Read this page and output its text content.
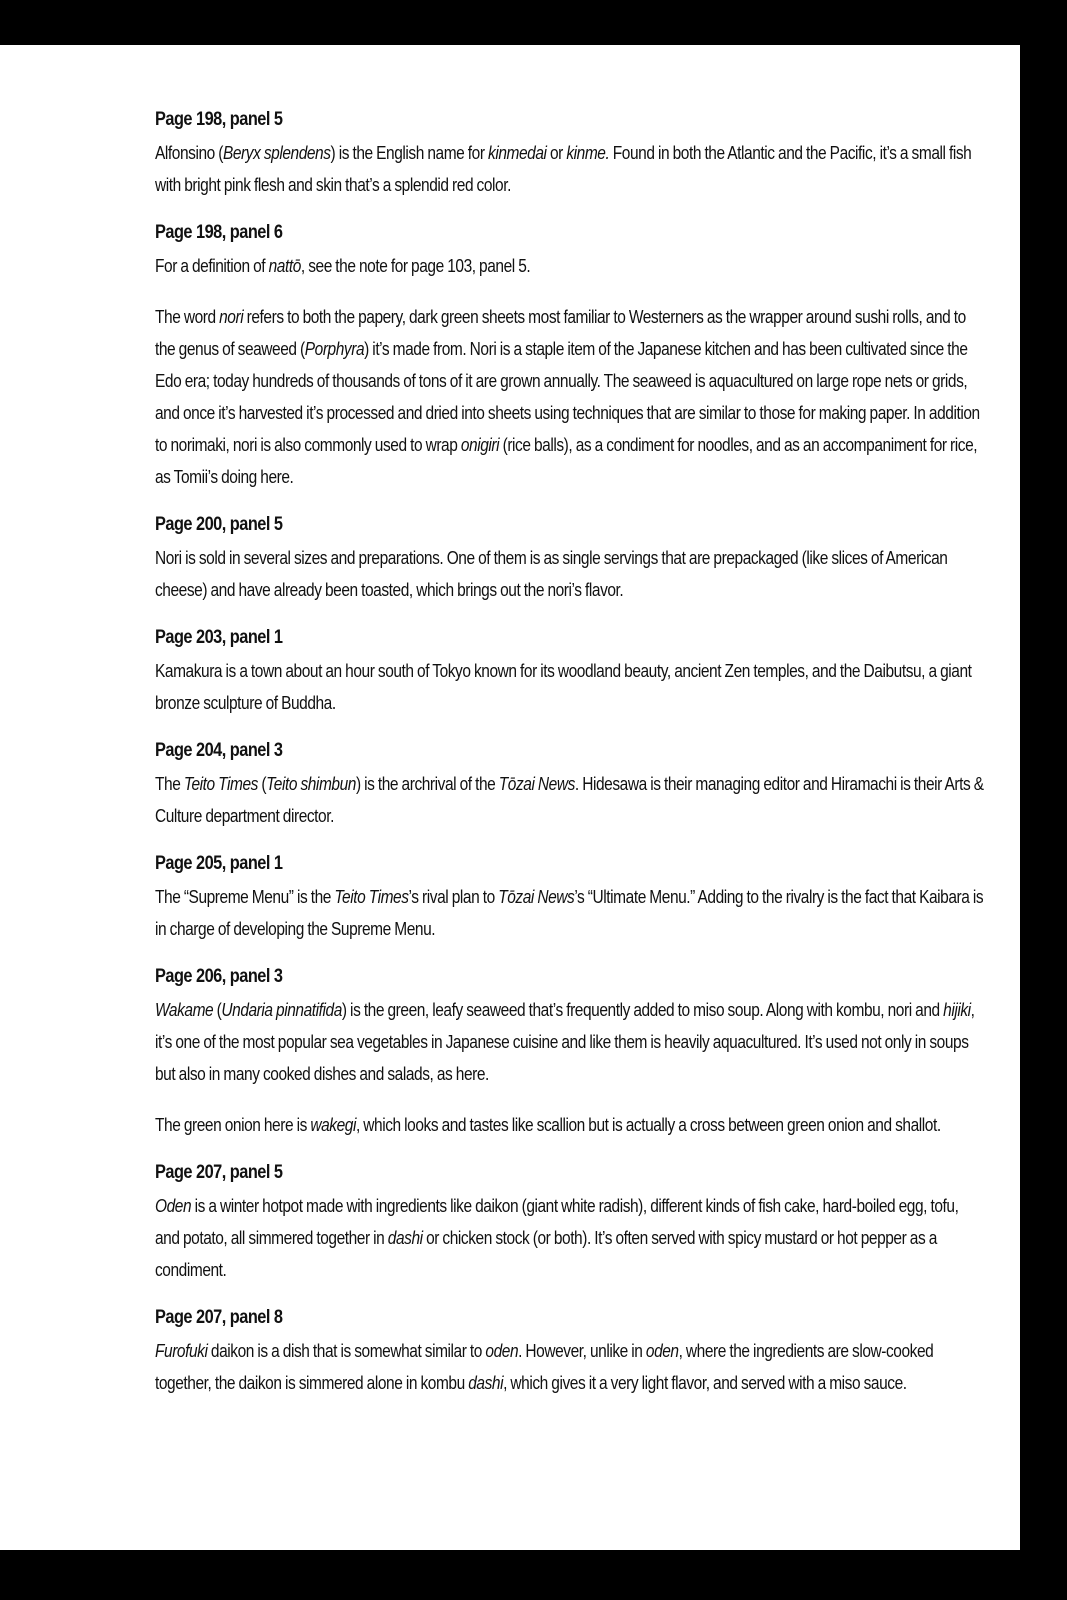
Page 198, panel 5

Alfonsino (Beryx splendens) is the English name for kinmedai or kinme. Found in both the Atlantic and the Pacific, it’s a small fish with bright pink flesh and skin that’s a splendid red color.

Page 198, panel 6

For a definition of nattō, see the note for page 103, panel 5.

The word nori refers to both the papery, dark green sheets most familiar to Westerners as the wrapper around sushi rolls, and to the genus of seaweed (Porphyra) it’s made from. Nori is a staple item of the Japanese kitchen and has been cultivated since the Edo era; today hundreds of thousands of tons of it are grown annually. The seaweed is aquacultured on large rope nets or grids, and once it’s harvested it’s processed and dried into sheets using techniques that are similar to those for making paper. In addition to norimaki, nori is also commonly used to wrap onigiri (rice balls), as a condiment for noodles, and as an accompaniment for rice, as Tomii’s doing here.

Page 200, panel 5

Nori is sold in several sizes and preparations. One of them is as single servings that are prepackaged (like slices of American cheese) and have already been toasted, which brings out the nori’s flavor.

Page 203, panel 1

Kamakura is a town about an hour south of Tokyo known for its woodland beauty, ancient Zen temples, and the Daibutsu, a giant bronze sculpture of Buddha.

Page 204, panel 3

The Teito Times (Teito shimbun) is the archrival of the Tōzai News. Hidesawa is their managing editor and Hiramachi is their Arts & Culture department director.

Page 205, panel 1

The “Supreme Menu” is the Teito Times’s rival plan to Tōzai News’s “Ultimate Menu.” Adding to the rivalry is the fact that Kaibara is in charge of developing the Supreme Menu.

Page 206, panel 3

Wakame (Undaria pinnatifida) is the green, leafy seaweed that’s frequently added to miso soup. Along with kombu, nori and hijiki, it’s one of the most popular sea vegetables in Japanese cuisine and like them is heavily aquacultured. It’s used not only in soups but also in many cooked dishes and salads, as here.

The green onion here is wakegi, which looks and tastes like scallion but is actually a cross between green onion and shallot.

Page 207, panel 5

Oden is a winter hotpot made with ingredients like daikon (giant white radish), different kinds of fish cake, hard-boiled egg, tofu, and potato, all simmered together in dashi or chicken stock (or both). It’s often served with spicy mustard or hot pepper as a condiment.

Page 207, panel 8

Furofuki daikon is a dish that is somewhat similar to oden. However, unlike in oden, where the ingredients are slow-cooked together, the daikon is simmered alone in kombu dashi, which gives it a very light flavor, and served with a miso sauce.
